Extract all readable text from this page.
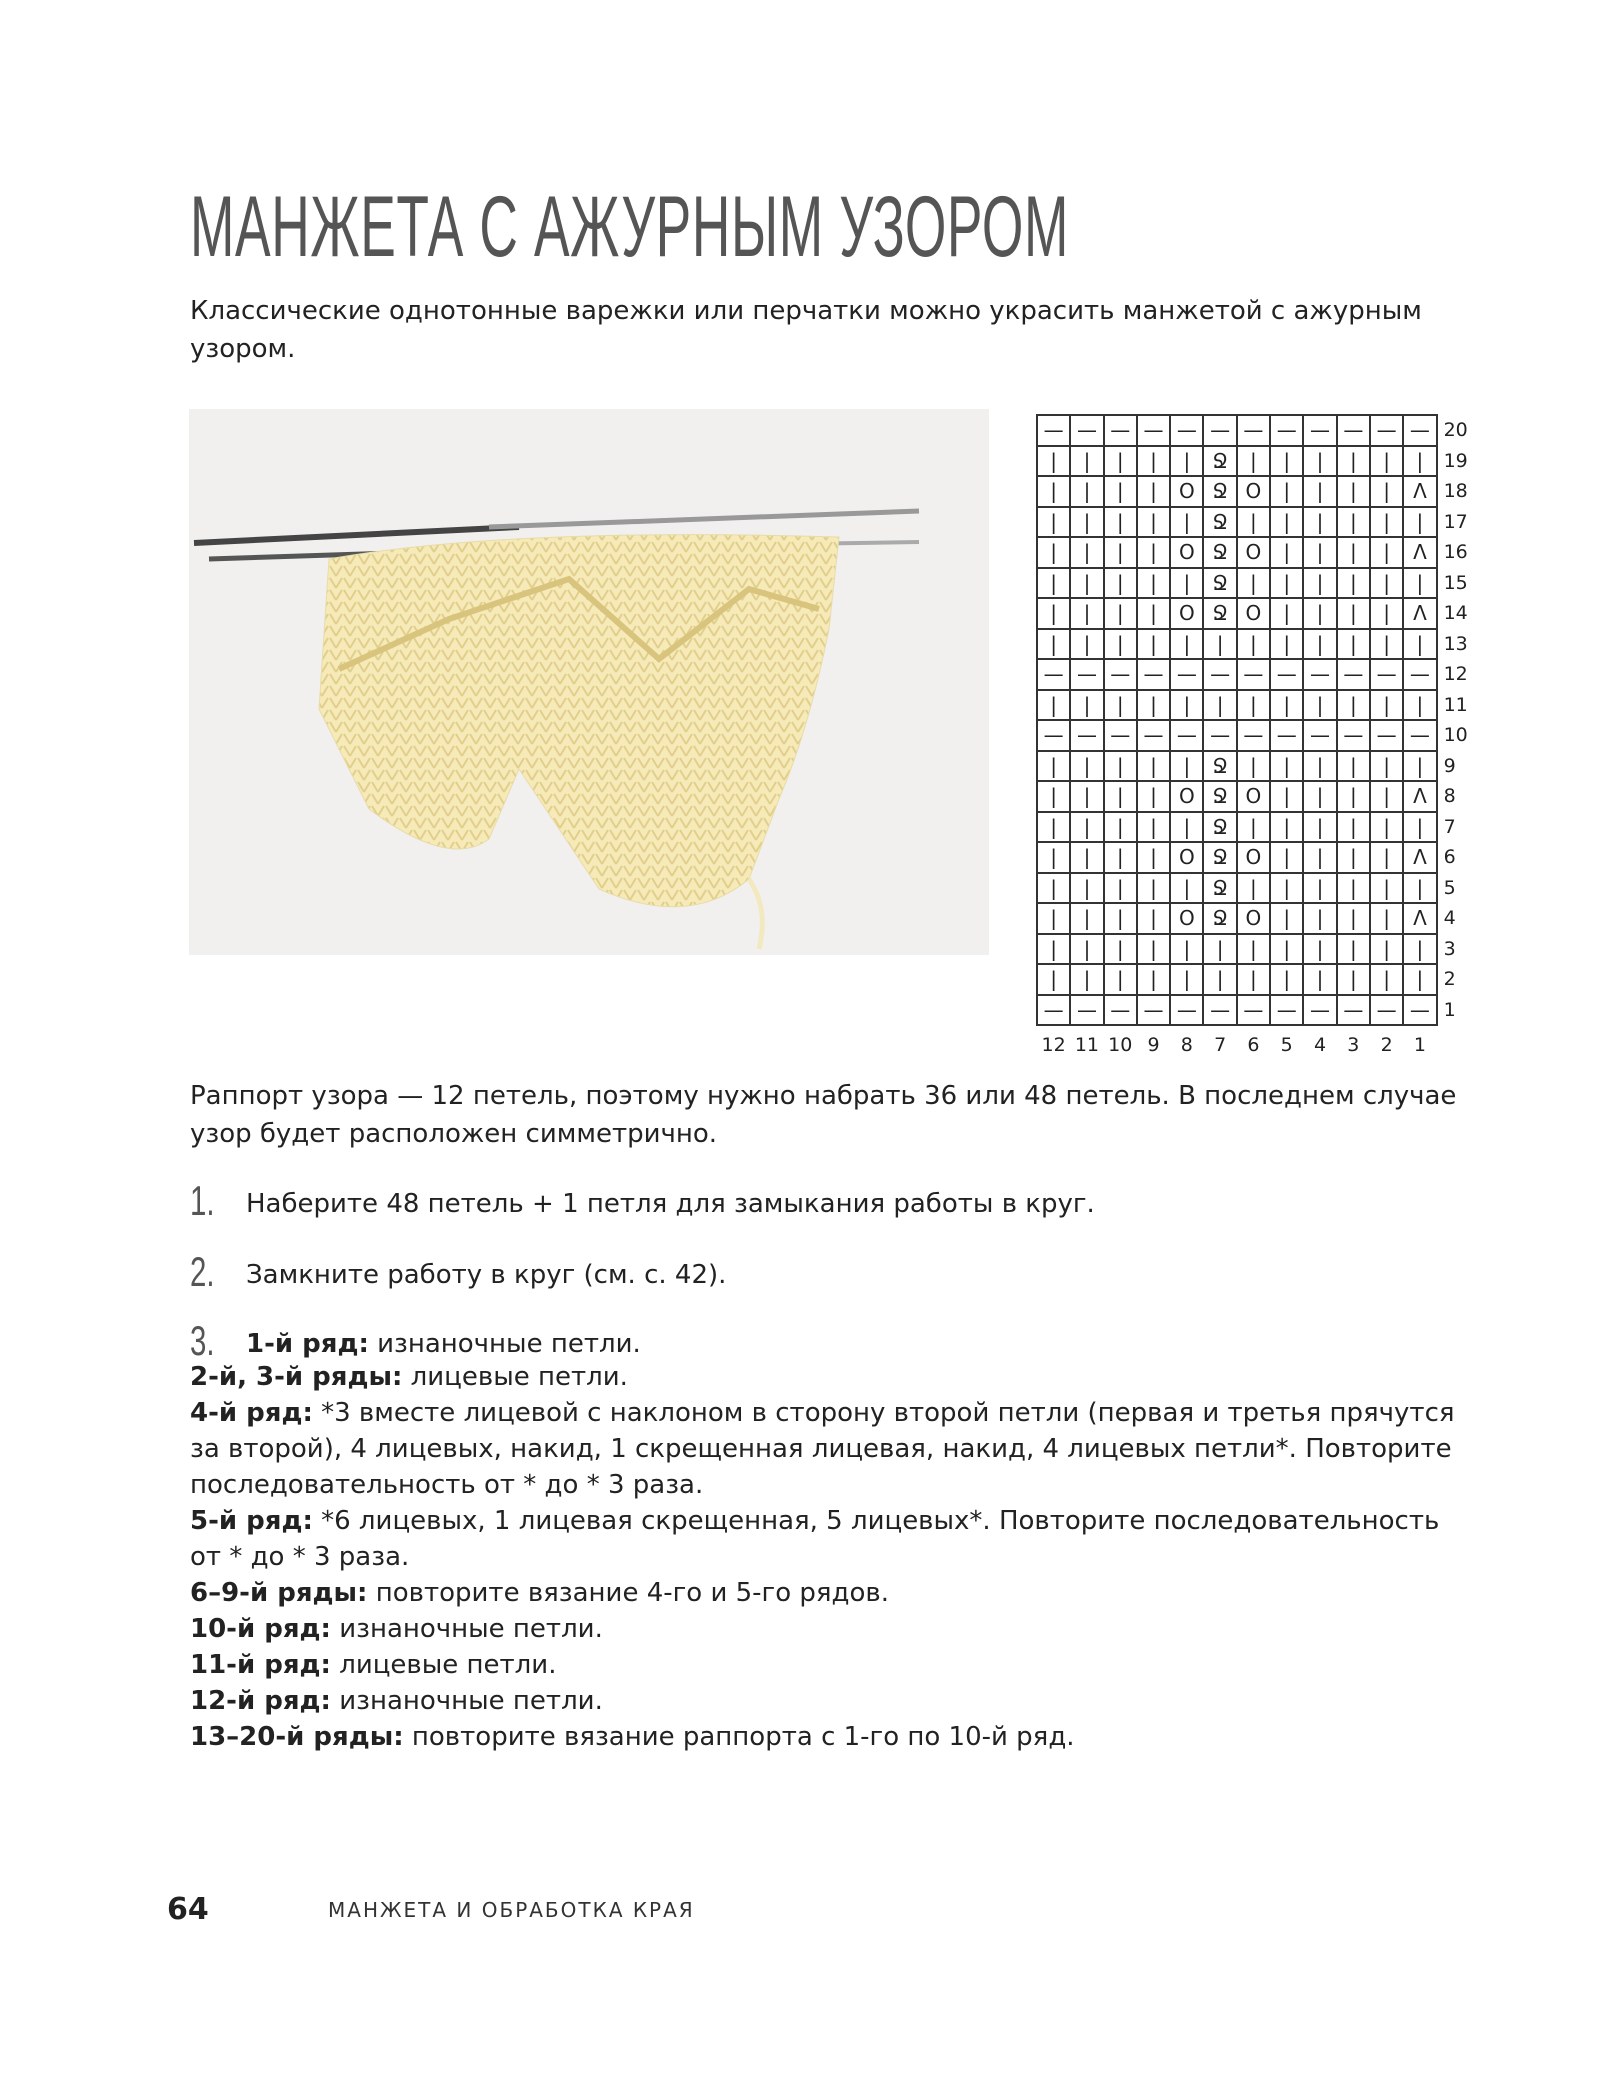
МАНЖЕТА С АЖУРНЫМ УЗОРОМ
Классические однотонные варежки или перчатки можно украсить манжетой с ажурным узором.
—	—	—	—	—	—	—	—	—	—	—	—	20
|	|	|	|	|	Ջ	|	|	|	|	|	|	19
|	|	|	|	O	Ջ	O	|	|	|	|	Ʌ	18
|	|	|	|	|	Ջ	|	|	|	|	|	|	17
|	|	|	|	O	Ջ	O	|	|	|	|	Ʌ	16
|	|	|	|	|	Ջ	|	|	|	|	|	|	15
|	|	|	|	O	Ջ	O	|	|	|	|	Ʌ	14
|	|	|	|	|	|	|	|	|	|	|	|	13
—	—	—	—	—	—	—	—	—	—	—	—	12
|	|	|	|	|	|	|	|	|	|	|	|	11
—	—	—	—	—	—	—	—	—	—	—	—	10
|	|	|	|	|	Ջ	|	|	|	|	|	|	9
|	|	|	|	O	Ջ	O	|	|	|	|	Ʌ	8
|	|	|	|	|	Ջ	|	|	|	|	|	|	7
|	|	|	|	O	Ջ	O	|	|	|	|	Ʌ	6
|	|	|	|	|	Ջ	|	|	|	|	|	|	5
|	|	|	|	O	Ջ	O	|	|	|	|	Ʌ	4
|	|	|	|	|	|	|	|	|	|	|	|	3
|	|	|	|	|	|	|	|	|	|	|	|	2
—	—	—	—	—	—	—	—	—	—	—	—	1
12	11	10	9	8	7	6	5	4	3	2	1	
Раппорт узора — 12 петель, поэтому нужно набрать 36 или 48 петель. В последнем случае узор будет расположен симметрично.
1. Наберите 48 петель + 1 петля для замыкания работы в круг.
2. Замкните работу в круг (см. с. 42).
3. 1-й ряд: изнаночные петли.
2-й, 3-й ряды: лицевые петли.
4-й ряд: *3 вместе лицевой с наклоном в сторону второй петли (первая и третья прячутся за второй), 4 лицевых, накид, 1 скрещенная лицевая, накид, 4 лицевых петли*. Повторите последовательность от * до * 3 раза.
5-й ряд: *6 лицевых, 1 лицевая скрещенная, 5 лицевых*. Повторите последовательность от * до * 3 раза.
6–9-й ряды: повторите вязание 4-го и 5-го рядов.
10-й ряд: изнаночные петли.
11-й ряд: лицевые петли.
12-й ряд: изнаночные петли.
13–20-й ряды: повторите вязание раппорта с 1-го по 10-й ряд.
64	МАНЖЕТА И ОБРАБОТКА КРАЯ
